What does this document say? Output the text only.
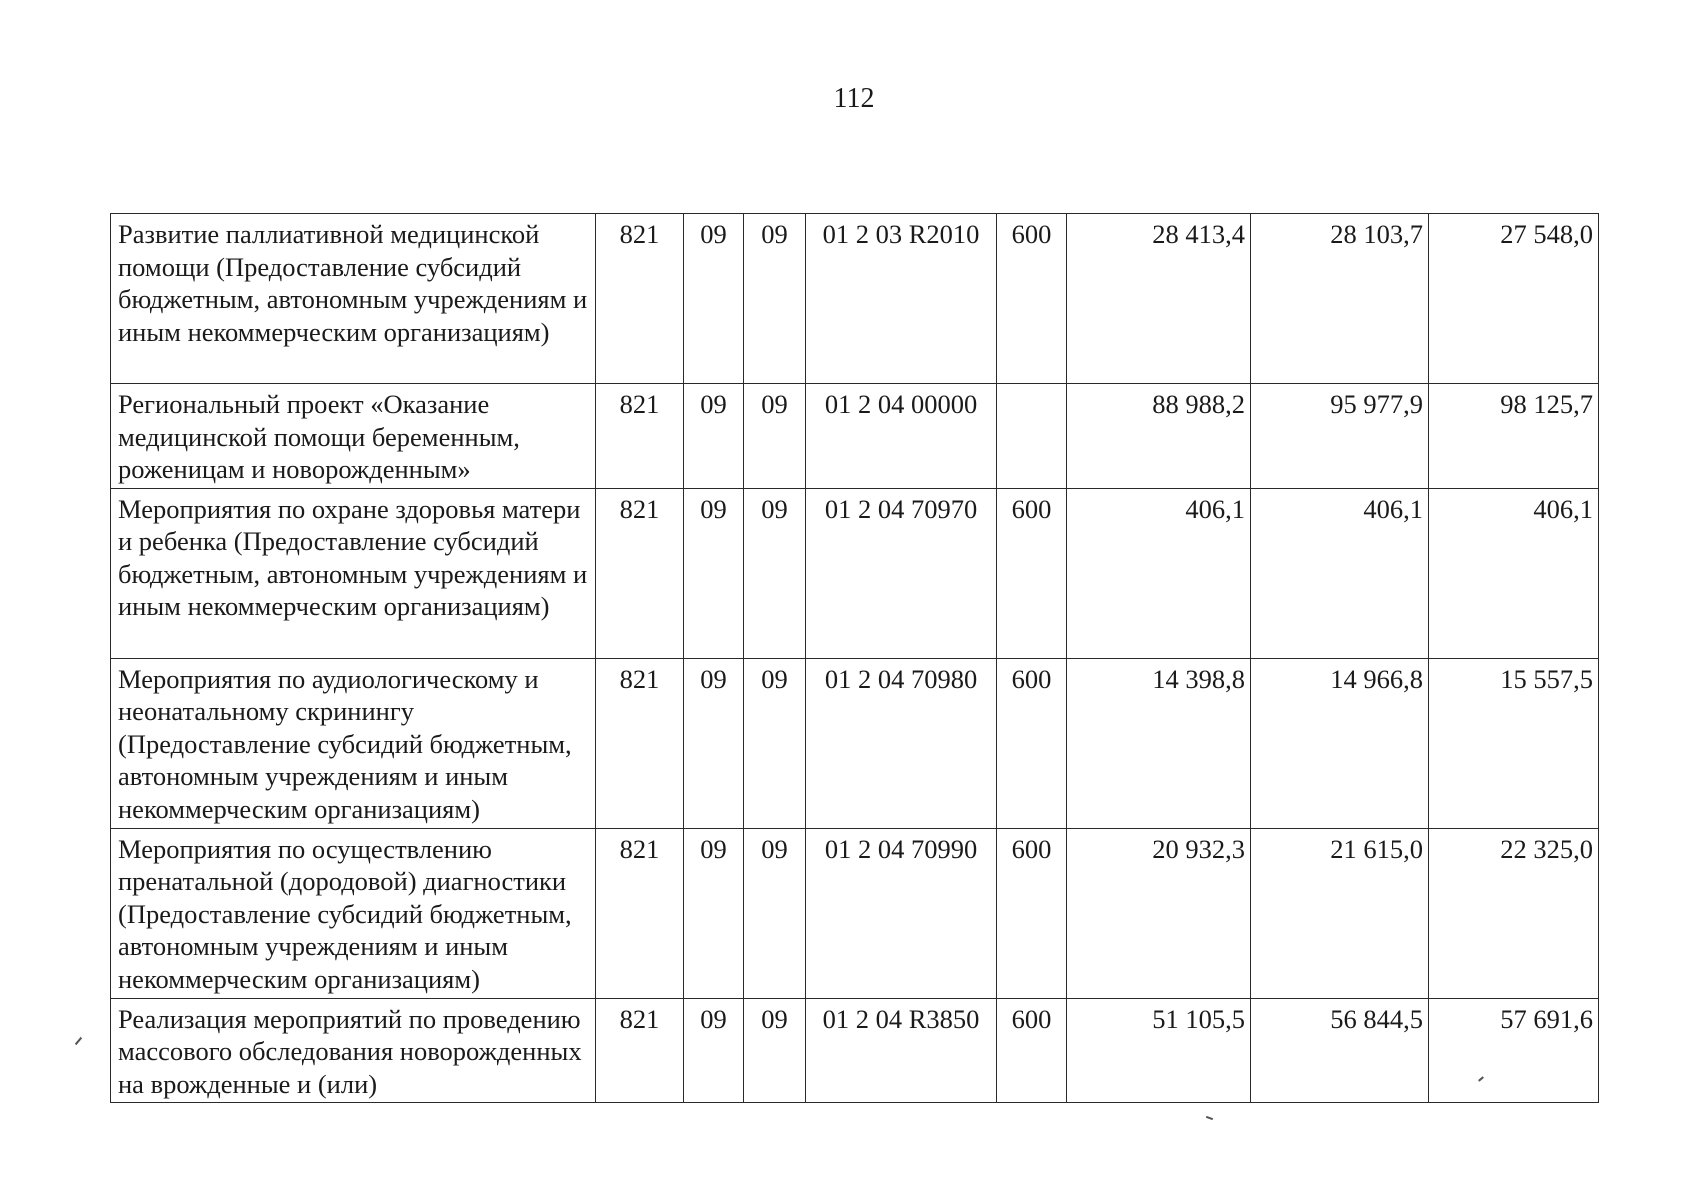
112
Развитие паллиативной медицинской помощи (Предоставление субсидий бюджетным, автономным учреждениям и иным некоммерческим организациям)	821	09	09	01 2 03 R2010	600	28 413,4	28 103,7	27 548,0
Региональный проект «Оказание медицинской помощи беременным, роженицам и новорожденным»	821	09	09	01 2 04 00000		88 988,2	95 977,9	98 125,7
Мероприятия по охране здоровья матери и ребенка (Предоставление субсидий бюджетным, автономным учреждениям и иным некоммерческим организациям)	821	09	09	01 2 04 70970	600	406,1	406,1	406,1
Мероприятия по аудиологическому и неонатальному скринингу (Предоставление субсидий бюджетным, автономным учреждениям и иным некоммерческим организациям)	821	09	09	01 2 04 70980	600	14 398,8	14 966,8	15 557,5
Мероприятия по осуществлению пренатальной (дородовой) диагностики (Предоставление субсидий бюджетным, автономным учреждениям и иным некоммерческим организациям)	821	09	09	01 2 04 70990	600	20 932,3	21 615,0	22 325,0
Реализация мероприятий по проведению массового обследования новорожденных на врожденные и (или)	821	09	09	01 2 04 R3850	600	51 105,5	56 844,5	57 691,6
